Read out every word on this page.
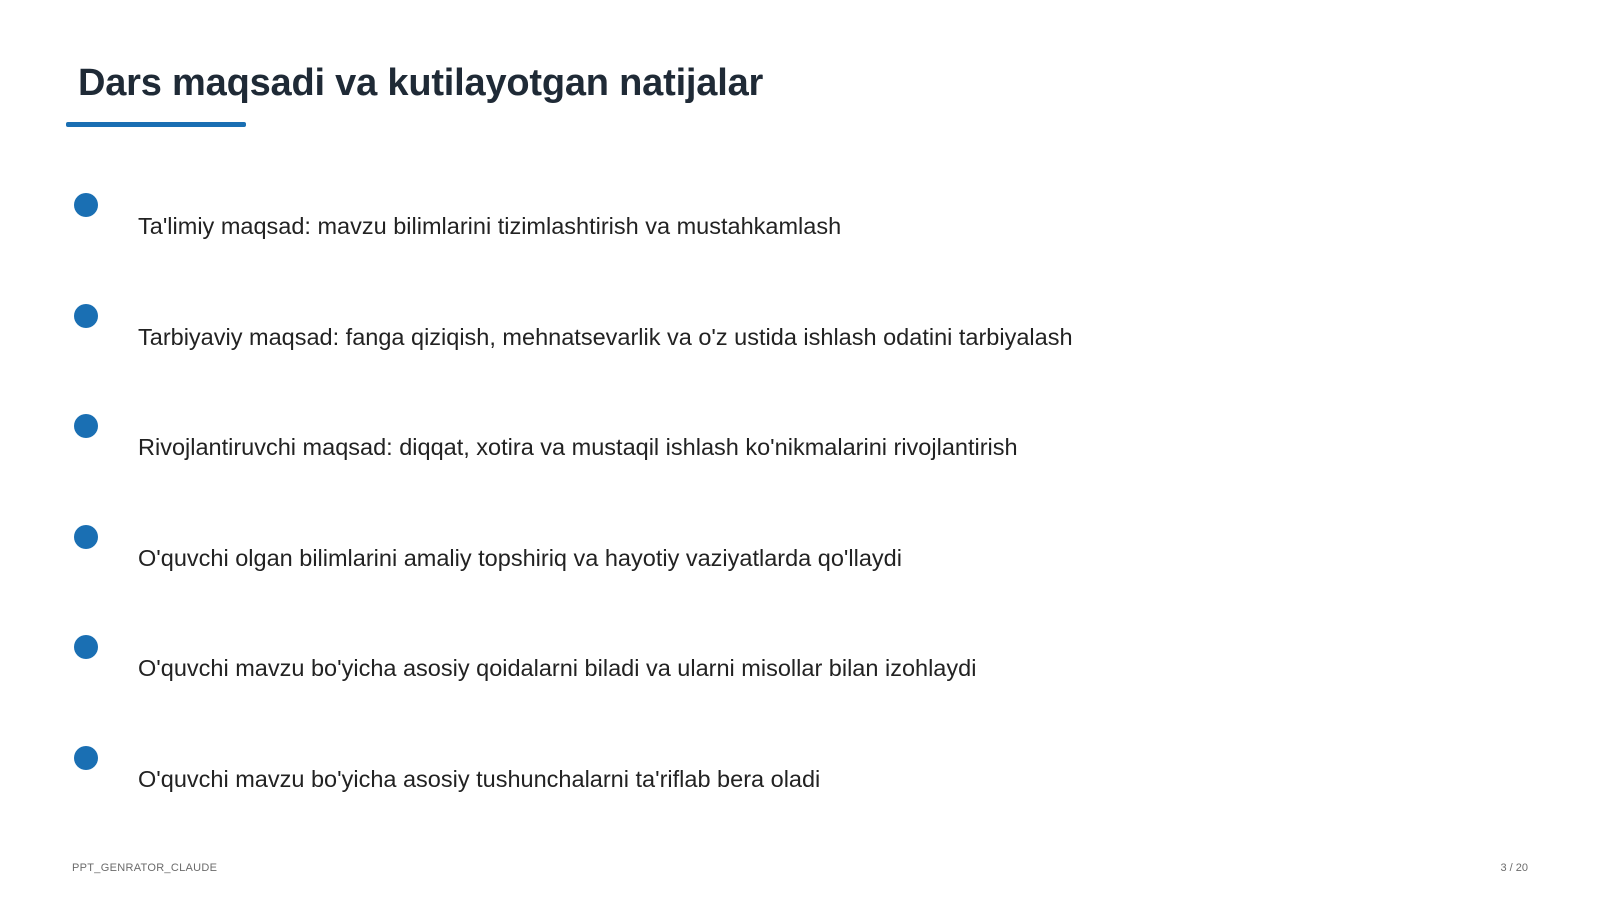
Dars maqsadi va kutilayotgan natijalar
Ta'limiy maqsad: mavzu bilimlarini tizimlashtirish va mustahkamlash
Tarbiyaviy maqsad: fanga qiziqish, mehnatsevarlik va o'z ustida ishlash odatini tarbiyalash
Rivojlantiruvchi maqsad: diqqat, xotira va mustaqil ishlash ko'nikmalarini rivojlantirish
O'quvchi olgan bilimlarini amaliy topshiriq va hayotiy vaziyatlarda qo'llaydi
O'quvchi mavzu bo'yicha asosiy qoidalarni biladi va ularni misollar bilan izohlaydi
O'quvchi mavzu bo'yicha asosiy tushunchalarni ta'riflab bera oladi
PPT_GENRATOR_CLAUDE	3 / 20
